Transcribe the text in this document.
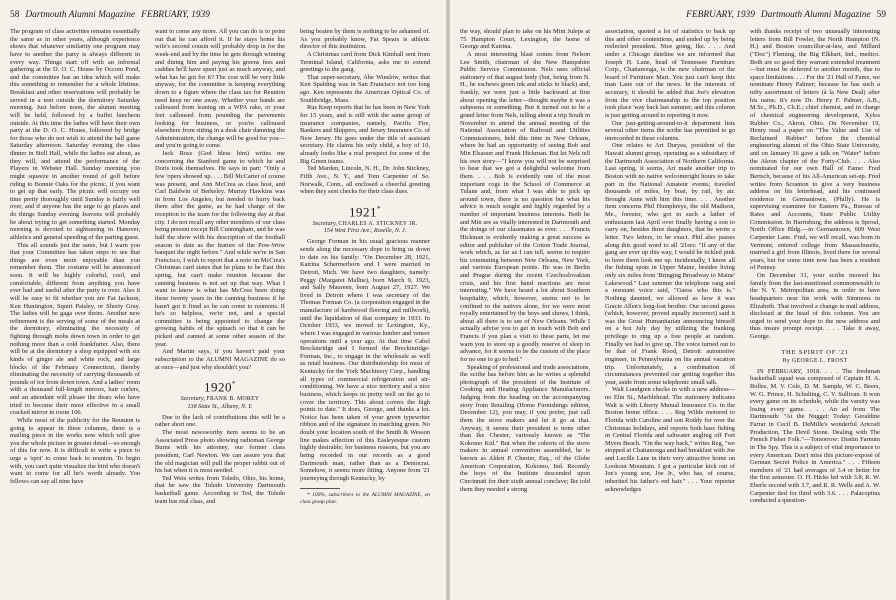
58 Dartmouth Alumni Magazine FEBRUARY, 1939

The program of class activities remains essentially the same as in other years, although experience shows that whatever similarity one program may have to another the party is always different in every way. Things start off with an informal gathering at the D. O. C. House by Occom Pond, and the committee has an idea which will make this something to remember for a whole lifetime. Breakfast and other reservations will probably be served in a tent outside the dormitory Saturday morning. Just before noon, the alumni meeting will be held, followed by a buffet luncheon outside. At this time the ladies will have their own party at the D. O. C. House, followed by bridge for those who do not wish to attend the ball game Saturday afternoon. Saturday evening the class dinner in Stell Hall, while the ladies eat about, as they will, and attend the performance of the Players in Webster Hall. Sunday morning you might squeeze in another round of golf before riding to Bonnie Oaks for the picnic, if you want to get up that early. The picnic will occupy our time pretty thoroughly until Sunday is fairly well over, and if anyone has the urge to go places and do things Sunday evening Jeavons will probably be about trying to get something started. Monday morning is devoted to sightseeing in Hanover, athletics and general speeding of the parting guest.

This all sounds just the same, but I warn you that your Committee has taken steps to see that things are even more enjoyable than you remember them. The costume will be announced soon. It will be highly colorful, cool, and comfortable, different from anything you have ever had and useful after the party is over. Also it will be easy to fit whether you are Fat Jackson, Ken Huntington, Squirt Paisley, or Shorty Gray. The ladies will be gaga over theirs. Another new refinement is the serving of some of the meals at the dormitory, eliminating the necessity of fighting through mobs down town in order to get nothing more than a cold frankfurter. Also, there will be at the dormitory a shop equipped with six kinds of ginger ale and white rock, and large blocks of the February Connecticut, thereby eliminating the necessity of carrying thousands of pounds of ice from down town. And a ladies' room with a thousand full-length mirrors, hair curlers, and an attendant will please the dears who have tried to become their most effective in a small cracked mirror in room 106.

While most of the publicity for the Reunion is going to appear in these columns, there is a mailing piece in the works now which will give you the whole picture in greater detail—so enough of this for now. It is difficult to write a piece to urge a 'spot' to come back to reunion. To begin with, you can't quite visualize the bird who doesn't want to come for all he's worth already. You fellows can say all nine have

want to come any more. All you can do is to point out that he can afford it. If he stays home his wife's second cousin will probably drop in for the week-end and by the time he gets through winning and dining him and paying his greens fees and caddies he'll have spent just as much anyway, and what has he got for it? The cost will be very little anyway, for the committee is keeping everything down to a figure where the class tax for Reunion need keep no one away. Whether your hands are calloused from leaning on a WPA rake, or your feet calloused from pounding the pavements looking for business, or you're calloused elsewhere from sitting in a desk chair damning the Administration, the change will be good for you—and you're going to come.

Jack Ross (God bless him) writes me concerning the Stanford game to which he and Doris took themselves. He says in part: "Only a few 'opers showed up. . . . Bill McCarter of course was present, and Ann McCrea as class host, and Carl Baldwin of Berkeley. Murray Hawkins was in from Los Angeles, but needed to hurry back there after the game, as he had charge of the reception to the team for the following day at that city. I do not recall any other members of our class being present except Bill Cunningham, and he was half the show with his description of the football season to date as the feature of the Pow-Wow banquet the night before." And while we're in San Francisco, I wish to report that a note on McCrea's Christmas card states that he plans to be East this spring, but can't make reunion because the canning business is not set up that way. What I want to know is what has McCrea been doing these twenty years in the canning business if he hasn't got it fixed so he can come to reunions. If he's so helpless, we're not, and a special committee is being appointed to change the growing habits of the spinach so that it can be picked and canned at some other season of the year.

And Martin says, if you haven't paid your subscription to the ALUMNI MAGAZINE do so at once—and just why shouldn't you?

1920*
Secretary, FRANK B. MOREY
138 State St., Albany, N. Y.

Due to the lack of contributions this will be a rather short one.

The most newsworthy item seems to be an Associated Press photo showing radioman George Burns with his attorney, our former class president, Carl Newton. We can assure you that the old magician will pull the proper rabbit out of his hat when it is most needed.

Ted Weis writes from Toledo, Ohio, his home, that he saw the Toledo University Dartmouth basketball game. According to Ted, the Toledo team has real class, and

being beaten by them is nothing to be ashamed of. As you probably know, Fat Spears is athletic director of this institution.

A Christmas card from Dick Kimball sent from Terminal Island, California, asks me to extend greetings to the gang.

That super-secretary, Abe Winslow, writes that Ken Spalding was in San Francisco not too long ago. Ken represents the American Optical Co. of Southbridge, Mass.

Rus Keep reports that he has been in New York for 15 years, and is still with the same group of insurance companies, namely, Pacific Fire, Bankers and Shippers, and Jersey Insurance Co. of New Jersey. He goes under the title of assistant secretary. He claims his only child, a boy of 10, already looks like a real prospect for some of the Big Green teams.

Ted Marden, Lincoln, N. H., Dr. John Stickney, Fifth Ave., N. Y., and Tom Carpenter of So. Norwalk, Conn., all enclosed a cheerful greeting when they sent checks for their class dues.

1921*
Secretary, CHARLES A. STICKNEY JR.
154 West First Ave., Roselle, N. J.

George Forman in his usual gracious manner sends along the necessary dope to bring us down to date on his family: "On December 28, 1921, Katrina Schermerhorn and I were married in Detroit, Mich. We have two daughters, namely: Peggy (Margaret Mallne), born March 9, 1923, and Sally Maureen, born August 27, 1927. We lived in Detroit where I was secretary of the Thomas Forman Co. (a corporation engaged in the manufacture of hardwood flooring and millwork), until the liquidation of that company in 1933. In October 1933, we moved to Lexington, Ky., where I was engaged in various lumber and veneer operations until a year ago. At that time Cabel Breckinridge and I formed the Breckinridge-Forman, Inc., to engage in the wholesale as well as retail business. Our distributorship for most of Kentucky for the York Machinery Corp., handling all types of commercial refrigeration and air-conditioning. We have a nice territory and a nice business, which keeps us pretty well on the go to cover the territory. This about covers the high points to date." It does, George, and thanks a lot. Notice has been taken of your green typewriter ribbon and of the signature in matching green. No doubt your location south of the Smith & Wesson line makes affection of this Easleyesque custom highly desirable; for business reasons, but you are being recorded in our records as a good Dartmouth man, rather than as a Democrat. Somehow, it seems more fitting. Anyone from '21 journeying through Kentucky, by

* 100%, subscribers to the ALUMNI MAGAZINE, on class group plan.

FEBRUARY, 1939 Dartmouth Alumni Magazine 59

the way, should plan to take on his Mint Juleps at 75 Hampton Court, Lexington, the home of George and Katrina.

A most interesting blast comes from Nelson Lee Smith, chairman of the New Hampshire Public Service Commission. Nels uses official stationery of that august body (but, being from N. H., he eschews green ink and sticks to black) and, frankly, we were just a little backward at first about opening the letter—thought maybe it was a subpoena or something. But it turned out to be a grand letter from Nels, telling about a trip South in November to attend the annual meeting of the National Association of Railroad and Utilities Commissioners, held this time in New Orleans, where he had an opportunity of seeing Bob and Min Elsasser and Frank Hickman. But let Nels tell his own story—"I know you will not be surprised to hear that we got a delightful welcome from them. . . . Bob is evidently one of the most important cogs in the School of Commerce at Tulane and, from what I was able to pick up around town, there is no question but what his advice is much sought and highly regarded by a number of important business interests. Both he and Min are as vitally interested in Dartmouth and the doings of our classmates as ever. . . . Francis Hickman is evidently making a great success as editor and publisher of the Cotton Trade Journal, work which, as far as I can tell, seems to require his commuting between New Orleans, New York, and various European points. He was in Berlin and Prague during the recent Czechoslovakian crisis, and his first hand reactions are most interesting." We have heard a lot about Southern hospitality, which, however, seems not to be confined to the natives alone, for we were most royally entertained by the boys and shows, I think, about all there is to see of New Orleans. While I actually advise you to get in touch with Bob and Francis if you plan a visit to these parts, let me warn you to store up a goodly reserve of sleep in advance, for it seems to be the custom of the place for no one to go to bed."

Speaking of professional and trade associations, the scribe has before him as he writes a splendid photograph of the president of the Institute of Cooking and Heating Appliance Manufacturers. Judging from the heading on the accompanying story from Retailing (Home Furnishings edition, December 12), you may, if you prefer, just call them the stove makers and let it go at that. Anyway, it seems their president is none other than Ike Chester, variously known as "The Kokomo Kid." But when the cohorts of the stove makers in annual convention assembled, he is known as Alden P. Chester, Esq., of the Globe American Corporation, Kokomo, Ind. Recently the boys of the Institute descended upon Cincinnati for their sixth annual conclave; Ike told them they needed a strong

association, quoted a lot of statistics to back up this and other contentions, and ended up by being reelected president. Nice going, Ike. . . . And under a Chicago dateline we are informed that Joseph H. Lane, head of Tennessee Furniture Corp., Chattanooga, is the new chairman of the board of Furniture Mart. You just can't keep this man Lane out of the news. In the interests of accuracy, it should be added that Joe's elevation from the vice chairmanship to the top position took place 'way back last summer, and this column is just getting around to reporting it now.

Our just-getting-around-to-it department lists several other items the scribe has permitted to go unrecorded in these columns.

One relates to Art Duryea, president of the Hawaii alumni group, operating as a subsidiary of the Dartmouth Association of Northern California. Last spring, it seems, Art made another trip to Boston with no native welcomeright hours to take part in the National Amateur events; traveled thousands of miles, by boat, by rail, by air. Brought Anne with him this time. . . . Another item concerns Phil Humphreys, the old Madison, Me., forester, who got in such a lather of enthusiasm last April over finally having a son to carry on, besides three daughters, that he wrote a letter. Two letters, to be exact. Phil also passes along this good word to all '21ers: "If any of the gang are ever up this way, I would be tickled pink to have them look me up. Incidentally, I know all the fishing spots in Upper Maine, besides living only six miles from 'Bringing Broadway to Maine' Lakewood." Last summer the telephone rang and a resonant voice said, "Guess who this is." Nothing daunted, we allowed as how it was Gracie Allen's long-lost brother. Our second guess (which, however, proved equally incorrect) said it was the Great Humanitarian announcing himself on a hot July day by utilizing the franking privilege to ring up a free people at random. Finally we had to give up. The voice turned out to be that of Frank Rood, Detroit automotive engineer, in Pennsylvania on his annual vacation trip. Unfortunately, a combination of circumstances prevented our getting together this year, aside from some telephonic small talk.

Walt Lundgren checks in with a new address—no Elm St., Marblehead. The stationery indicates Walt is with Liberty Mutual Insurance Co. in the Boston home office. . . . Reg Wilde motored to Florida with Caroline and son Roddy for over the Christmas holidays, and reports both bass fishing in Central Florida and saltwater angling off Fort Myers Beach. "On the way back," writes Reg, "we stopped at Chattanooga and had breakfast with Joe and Lucille Lane in their very attractive home on Lookout Mountain. I got a particular kick out of Joe's young son, Joe Jr., who has, of course, inherited his father's red hair." . . . Your reporter acknowledges

with thanks receipt of two unusually interesting letters from Bill Fowler, the North Hampton (N. H.) and Boston councillor-at-law, and Millard ("Doc") Fleming, the Big Elkhart, Ind., medico. Both are so good they warrant extended treatment—but must be deferred to another month, due to space limitations. . . . For the '21 Hall of Fame, we nominate Henry Palmer; because he has such a nifty assortment of letters (à la New Deal) after his name. It's now Dr. Henry F. Palmer, A.B., M.Sc., Ph.D., Ch.E.; chief chemist, and in charge of chemical engineering development, Xylos Rubber Co., Akron, Ohio. On November 19, Henry read a paper on "The Value and Use of Reclaimed Rubber" before the chemical engineering alumni of the Ohio State University, and on January 16 gave a talk on "Water" before the Akron chapter of the Forty-Club. . . . Also nominated for our own Hall of Fame: Fred Bertsch, because of his All-American set-up. Fred writes from Scranton to give a very business address on his letterhead, and his continued residence in Germantown, (Philly). He is supervising examiner for Eastern Pa., Bureau of Rates and Accounts, State Public Utility Commission. In Harrisburg, the address is Sproul, North Office Bldg.—in Germantown, 609 West Carpenter Lane. Fred, we will recall, was born in Vermont, entered college from Massachusetts, married a girl from Illinois, lived there for several years, but for some time now has been a resident of Pennsy.

On December 31, your scribe mowed his family from the last-mentioned commonwealth to the N. Y. Metropolitan area, in order to have headquarters near his work with Simmons in Elizabeth. That involved a change in mail address, disclosed at the head of this column. You are urged to send your dope to the new address and thus insure prompt receipt. . . . Take it away, George.

THE SPIRIT OF '21
By GEORGE L. FROST

IN FEBRUARY, 1918. . . . The freshman basketball squad was composed of Captain H. A. Bolles, M. V. Cole, D. M. Sample, W. C. Beers, W. G. Prince, H. Schulting, C. V. Sullivan. It won every game on its schedule, while the varsity was losing every game. . . . An ad from The Dartmouth: "At the Nugget: Today: Geraldine Farrar in Cecil B. DeMille's wonderful Artcraft Production, The Devil Stone. Dealing with The French Fisher Folk."—Tomorrow: Dustin Farnum in The Spy. This is a subject of vital importance to every American. Don't miss this picture-exposé of German Secret Police in America." . . . Fifteen members of '21 had averages of 3.4 or better for the first semester. O. H. Hicks led with 3.8; R. W. Eberle second with 3.7, and R. R. Wells and A. W. Carpenter tied for third with 3.6. . . . Palacopitus conducted a question-
